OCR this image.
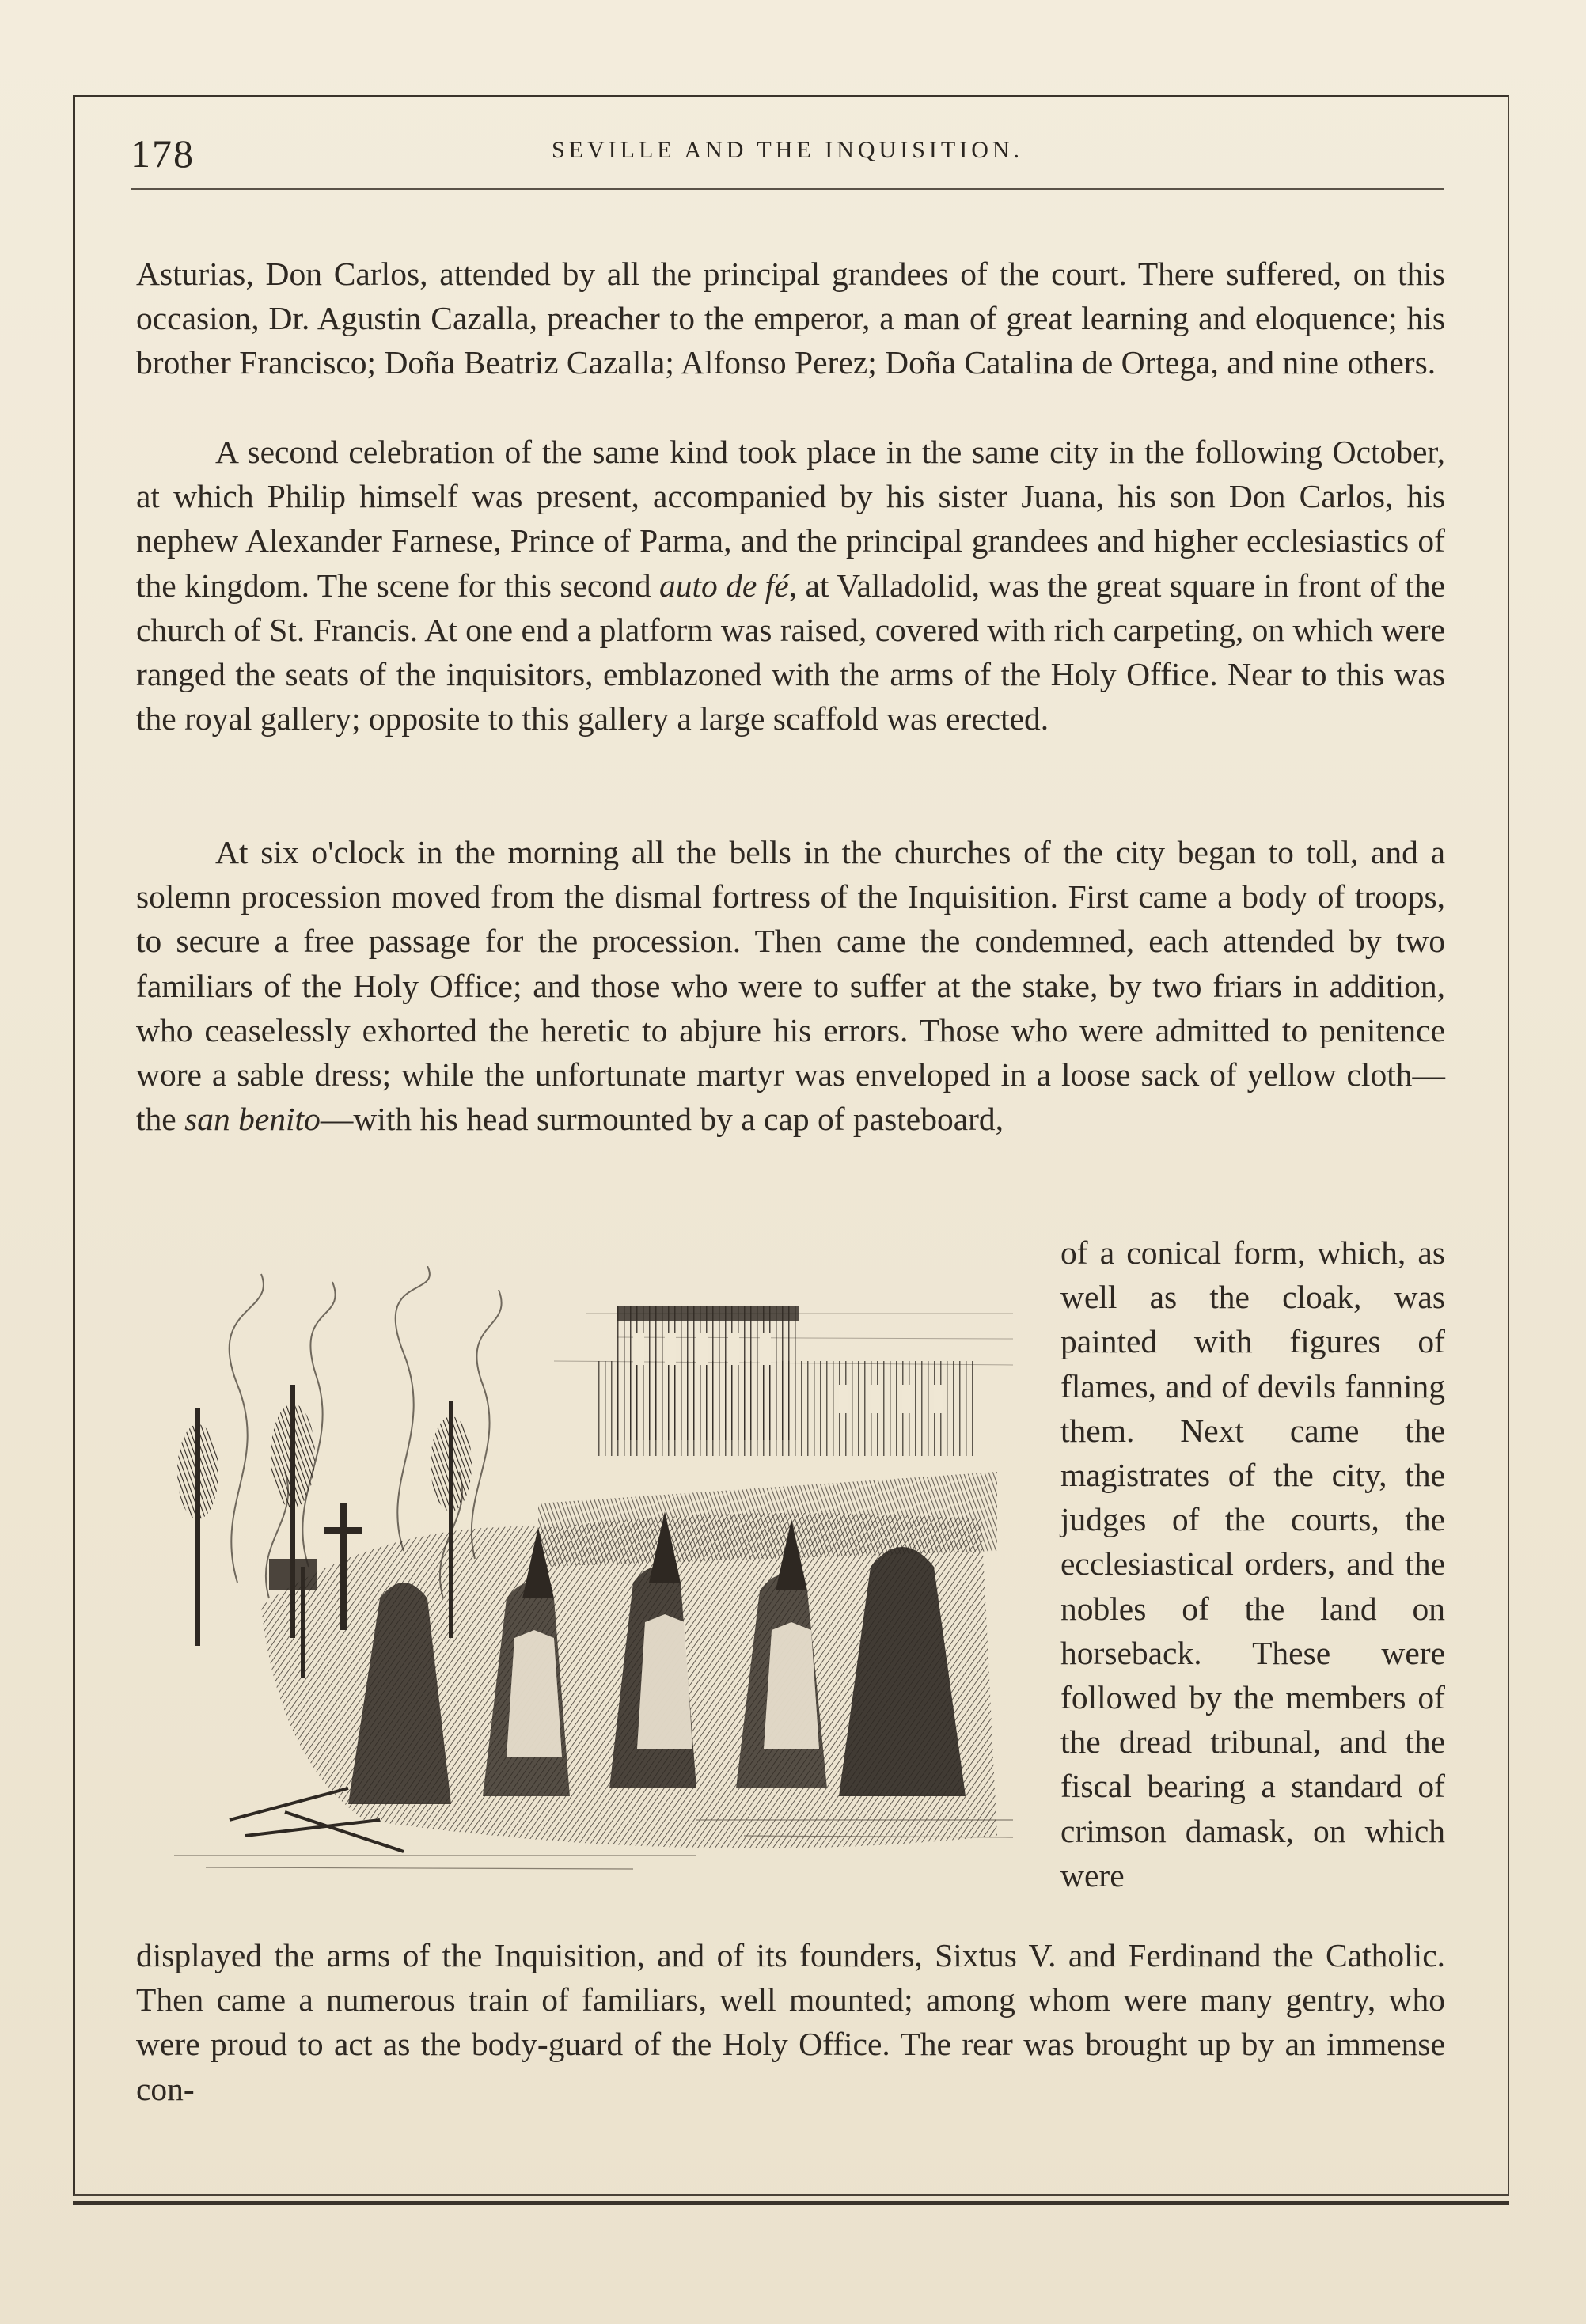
178	SEVILLE AND THE INQUISITION.
Asturias, Don Carlos, attended by all the principal grandees of the court. There suffered, on this occasion, Dr. Agustin Cazalla, preacher to the emperor, a man of great learning and eloquence; his brother Francisco; Doña Beatriz Cazalla; Alfonso Perez; Doña Catalina de Ortega, and nine others.
A second celebration of the same kind took place in the same city in the following October, at which Philip himself was present, accompanied by his sister Juana, his son Don Carlos, his nephew Alexander Farnese, Prince of Parma, and the principal grandees and higher ecclesiastics of the kingdom. The scene for this second auto de fé, at Valladolid, was the great square in front of the church of St. Francis. At one end a platform was raised, covered with rich carpeting, on which were ranged the seats of the inquisitors, emblazoned with the arms of the Holy Office. Near to this was the royal gallery; opposite to this gallery a large scaffold was erected.
At six o'clock in the morning all the bells in the churches of the city began to toll, and a solemn procession moved from the dismal fortress of the Inquisition. First came a body of troops, to secure a free passage for the procession. Then came the condemned, each attended by two familiars of the Holy Office; and those who were to suffer at the stake, by two friars in addition, who ceaselessly exhorted the heretic to abjure his errors. Those who were admitted to penitence wore a sable dress; while the unfortunate martyr was enveloped in a loose sack of yellow cloth—the san benito—with his head surmounted by a cap of pasteboard,
of a conical form, which, as well as the cloak, was painted with figures of flames, and of devils fanning them. Next came the magistrates of the city, the judges of the courts, the ecclesiastical orders, and the nobles of the land on horseback. These were followed by the members of the dread tribunal, and the fiscal bearing a standard of crimson damask, on which were
displayed the arms of the Inquisition, and of its founders, Sixtus V. and Ferdinand the Catholic. Then came a numerous train of familiars, well mounted; among whom were many gentry, who were proud to act as the body-guard of the Holy Office. The rear was brought up by an immense con-
